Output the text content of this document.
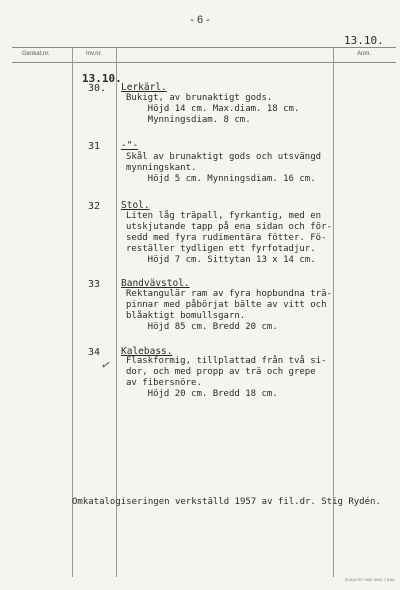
- 6 -
13.10.
Genkat.nr.	Inv.nr.	Anm.
13.10.
30. Lerkärl.
Bukigt, av brunaktigt gods.
Höjd 14 cm. Max.diam. 18 cm.
Mynningsdiam. 8 cm.
31 -"-
Skål av brunaktigt gods och utsvängd
mynningskant.
Höjd 5 cm. Mynningsdiam. 16 cm.
32 Stol.
Liten låg träpall, fyrkantig, med en
utskjutande tapp på ena sidan och för-
sedd med fyra rudimentära fötter. Fö-
reställer tydligen ett fyrfotadjur.
Höjd 7 cm. Sittytan 13 x 14 cm.
33 Bandvävstol.
Rektangulär ram av fyra hopbundna trä-
pinnar med påbörjat bälte av vitt och
blåaktigt bomullsgarn.
Höjd 85 cm. Bredd 20 cm.
34 Kalebass.
Flaskformig, tillplattad från två si-
dor, och med propp av trä och grepe
av fibersnöre.
Höjd 20 cm. Bredd 18 cm.
✓
Omkatalogiseringen verkställd 1957 av fil.dr. Stig Rydén.
ELMQVIST 1960. 5000. 7.8.60.
